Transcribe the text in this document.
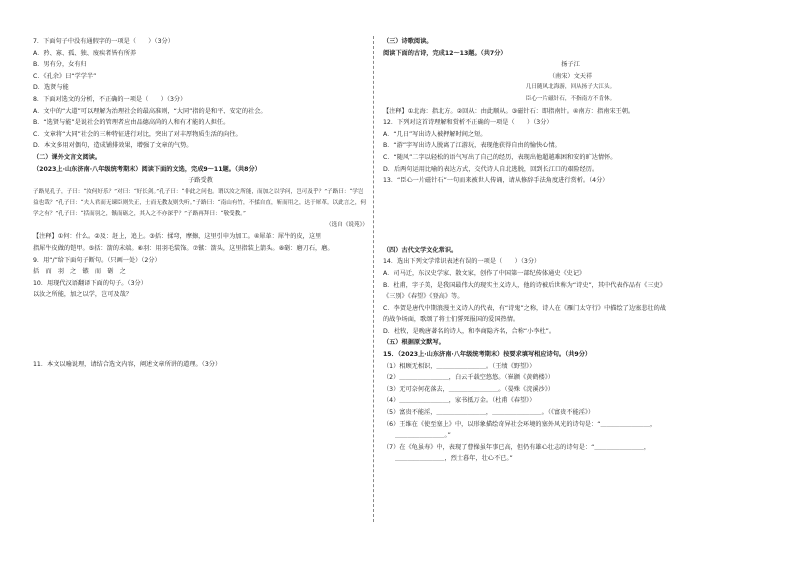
7．下面句子中没有通假字的一项是（　　）（3分）
A．矜、寡、孤、独、废疾者皆有所养
B．男有分，女有归
C．《孔余》曰“学学半”
D．选贤与能
8．下面对选文的分析，不正确的一项是（　　）（3分）
A．文中的“大道”可以理解为治理社会的最高准则，“大同”指的是和平、安定的社会。
B．“选贤与能”是说社会的管理者应由品德高尚的人和有才能的人担任。
C．文章将“大同”社会的三种特征进行对比，突出了对丰厚物质生活的向往。
D．本文多用对偶句，造成铺排效果，增强了文章的气势。
（二）课外文言文阅读。
（2023上·山东济南·八年级统考期末）阅读下面的文选，完成9～11题。（共8分）
子路受教
子路见孔子，子曰：“汝何好乐？”对曰：“好长剑。”孔子曰：“非此之问也。谓以汝之所能，而加之以学问，岂可及乎？”子路曰：“学岂益也哉？”孔子曰：“夫人君而无谏臣则失正，士而无教友则失听。”子路曰：“南山有竹，不揉自直，斩而用之，达于犀革。以此言之，何学之有？”孔子曰：“括而羽之，镞而砺之，其入之不亦深乎？”子路再拜曰：“敬受教。”
（选自《说苑》）
【注释】①何：什么。②及：赶上，追上。③括：揉弯，摩擦，这里引申为加工。④犀革：犀牛的皮，这里
指犀牛皮做的铠甲。⑤括：箭的末端。⑥羽：用羽毛装饰。⑦镞：箭头，这里指装上箭头。⑧砺：磨刀石，磨。
9．用“/”给下面句子断句。（只画一处）（2分）
括　而　羽　之　镞　而　砺　之
10．用现代汉语翻译下面的句子。（3分）
以汝之所能，加之以学，岂可及哉？
11．本文以喻说理，请结合选文内容，阐述文章所讲的道理。（3分）
（三）诗歌阅读。
阅读下面的古诗，完成12～13题。（共7分）
扬子江
（南宋）文天祥
几日随风北海游，回从扬子大江头。
臣心一片磁针石，不指南方不肯休。
【注释】①北海：指北方。②回从：由此顺从。③磁针石：即指南针。④南方：指南宋王朝。
12．下列对这首诗理解和赏析不正确的一项是（　　）（3分）
A．“几日”写出诗人被押解时间之短。
B．“游”字写出诗人脱离了江游玩，表现他获得自由的愉快心情。
C．“随风”二字以轻松的语气写出了自己的经历，表现出他超越难困和安的旷达情怀。
D．后两句运用比喻的表达方式，交代诗人自北逃脱，回到长江口的艰险经历。
13．“臣心一片磁针石”一句而来被世人传诵，请从修辞手法角度进行赏析。（4分）
（四）古代文学文化常识。
14．选出下列文学常识表述有误的一项是（　　）（3分）
A．司马迁，东汉史学家、散文家，创作了中国第一部纪传体通史《史记》
B．杜甫，字子美，是我国最伟大的现实主义诗人，他的诗被后世称为“诗史”，其中代表作品有《三吏》
《三别》《春望》《登高》等。
C．李贺是唐代中期浪漫主义诗人的代表，有“诗鬼”之称，诗人在《雁门太守行》中描绘了边塞悲壮的战
的战争场面，歌颂了将士们誓死报国的爱国热情。
D．杜牧，是晚唐著名的诗人，和李商隐齐名，合称“小李杜”。
（五）根据原文默写。
15．（2023上·山东济南·八年级统考期末）按要求填写相应诗句。（共9分）
（1）相顾无相识，＿＿＿＿＿＿＿＿。（王绩《野望》）
（2）＿＿＿＿＿＿＿＿，白云千载空悠悠。（崔颢《黄鹤楼》）
（3）无可奈何花落去，＿＿＿＿＿＿＿＿。（晏殊《浣溪沙》）
（4）＿＿＿＿＿＿＿＿，家书抵万金。（杜甫《春望》）
（5）富贵不能淫，＿＿＿＿＿＿＿＿，＿＿＿＿＿＿＿＿。（《富贵不能淫》）
（6）王维在《使至塞上》中，以形象描绘奇异社会环境的塞外风光的诗句是：“＿＿＿＿＿＿＿＿，
＿＿＿＿＿＿＿＿。”
（7）在《龟虽寿》中，表现了曹操虽年事已高，但仍有雄心壮志的诗句是：“＿＿＿＿＿＿＿＿，
＿＿＿＿＿＿＿＿，烈士暮年，壮心不已。”
